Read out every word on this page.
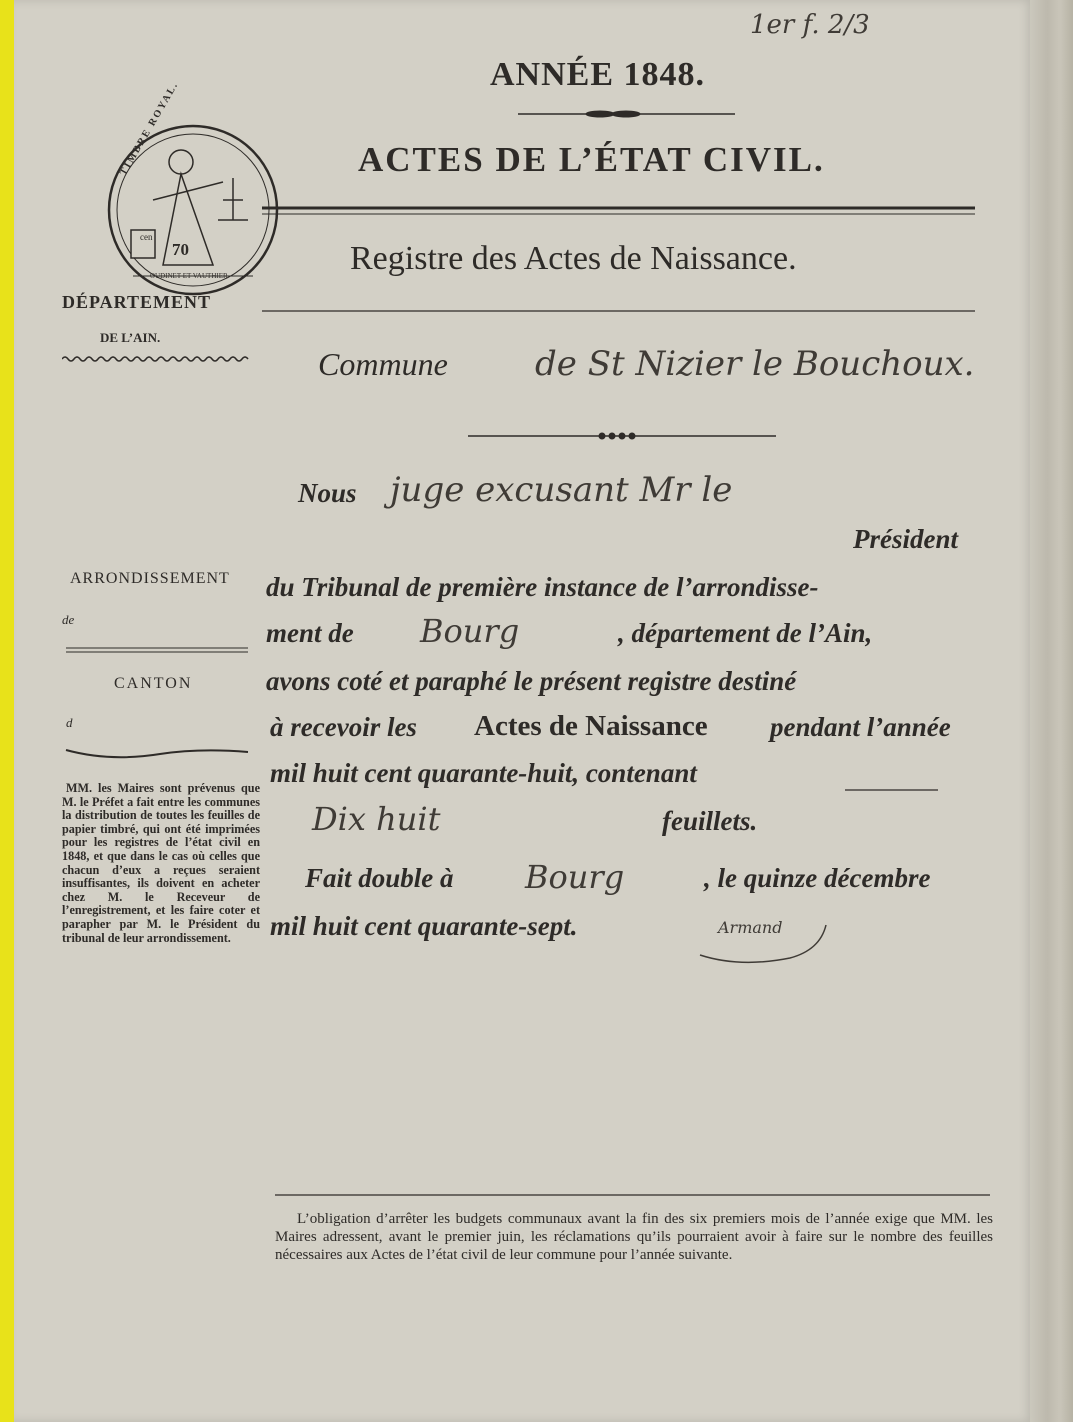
70
cen
OUDINET ET VAUTHIER
TIMBRE ROYAL.
ANNÉE 1848.
1er f. 2/3
ACTES DE L’ÉTAT CIVIL.
Registre des Actes de Naissance.
DÉPARTEMENT
DE L’AIN.
ARRONDISSEMENT
de
CANTON
d

MM. les Maires sont prévenus que M. le Préfet a fait entre les communes la distribution de toutes les feuilles de papier timbré, qui ont été imprimées pour les registres de l’état civil en 1848, et que dans le cas où celles que chacun d’eux a reçues seraient insuffisantes, ils doivent en acheter chez M. le Receveur de l’enregistrement, et les faire coter et parapher par M. le Président du tribunal de leur arrondissement.

Commune	de St Nizier le Bouchoux.
Nous juge excusant Mr le
Président
du Tribunal de première instance de l’arrondisse-
ment de Bourg	, département de l’Ain,
avons coté et paraphé le présent registre destiné
à recevoir les Actes de Naissance pendant l’année
mil huit cent quarante-huit, contenant
Dix huit	feuillets.
Fait double à Bourg	, le quinze décembre
mil huit cent quarante-sept.	Armand

L’obligation d’arrêter les budgets communaux avant la fin des six premiers mois de l’année exige que MM. les Maires adressent, avant le premier juin, les réclamations qu’ils pourraient avoir à faire sur le nombre des feuilles nécessaires aux Actes de l’état civil de leur commune pour l’année suivante.
